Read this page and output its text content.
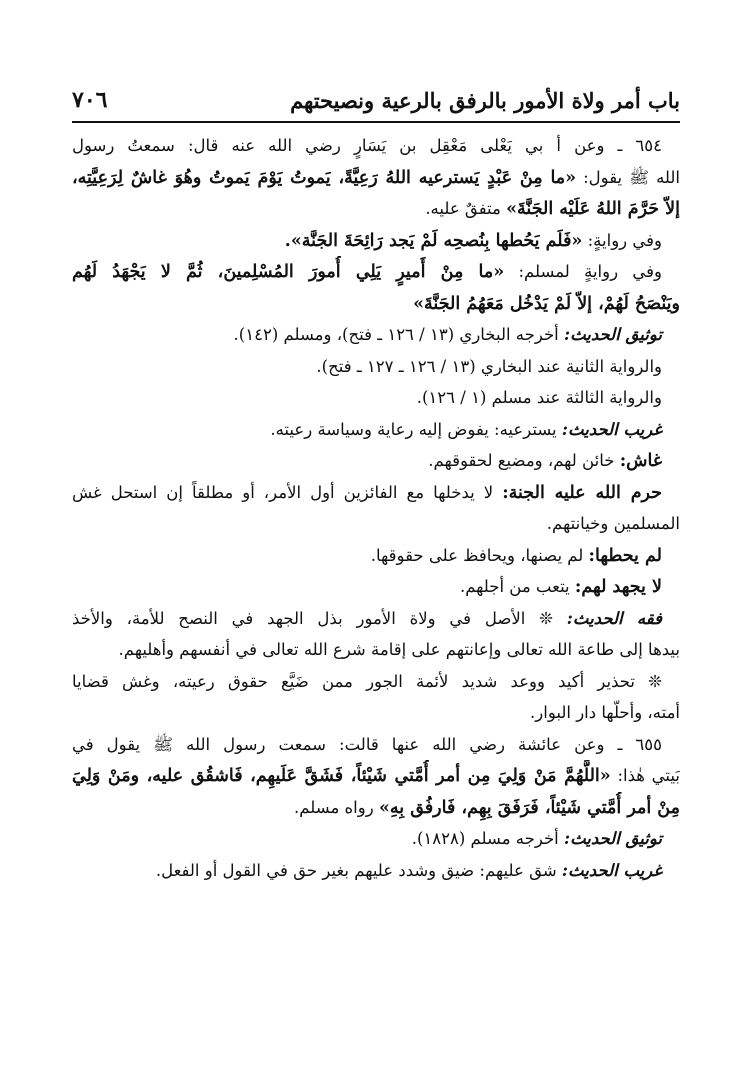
باب أمر ولاة الأمور بالرفق بالرعية ونصيحتهم
٧٠٦
٦٥٤ ـ وعن أ بي يَعْلى مَعْقِل بن يَسَارٍ رضي الله عنه قال: سمعتُ رسول
الله ﷺ يقول: «ما مِنْ عَبْدٍ يَسترعيه اللهُ رَعِيَّةً، يَموتُ يَوْمَ يَموتُ وهُوَ غاشٌ لِرَعِيَّتِه،
إلاّ حَرَّمَ اللهُ عَلَيْه الجَنَّةَ» متفقٌ عليه.
وفي روايةٍ: «فَلَم يَحُطها بِنُصحِه لَمْ يَجد رَائِحَةَ الجَنَّة».
وفي روايةٍ لمسلم: «ما مِنْ أَميرٍ يَلِي أُمورَ المُسْلِمينَ، ثُمَّ لا يَجْهَدُ لَهُم
ويَنْصَحُ لَهُمْ، إلاّ لَمْ يَدْخُل مَعَهُمُ الجَنَّةَ»
توثيق الحديث: أخرجه البخاري (١٣ / ١٢٦ ـ فتح)، ومسلم (١٤٢).
والرواية الثانية عند البخاري (١٣ / ١٢٦ ـ ١٢٧ ـ فتح).
والرواية الثالثة عند مسلم (١ / ١٢٦).
غريب الحديث: يسترعيه: يفوض إليه رعاية وسياسة رعيته.
غاش: خائن لهم، ومضيع لحقوقهم.
حرم الله عليه الجنة: لا يدخلها مع الفائزين أول الأمر، أو مطلقاً إن استحل غش
المسلمين وخيانتهم.
لم يحطها: لم يصنها، ويحافظ على حقوقها.
لا يجهد لهم: يتعب من أجلهم.
فقه الحديث: ❊ الأصل في ولاة الأمور بذل الجهد في النصح للأمة، والأخذ
بيدها إلى طاعة الله تعالى وإعانتهم على إقامة شرع الله تعالى في أنفسهم وأهليهم.
❊ تحذير أكيد ووعد شديد لأئمة الجور ممن ضَيَّع حقوق رعيته، وغش قضايا
أمته، وأحلّها دار البوار.
٦٥٥ ـ وعن عائشة رضي الله عنها قالت: سمعت رسول الله ﷺ يقول في
بَيتي هٰذا: «اللَّهُمَّ مَنْ وَلِيَ مِن أمر أُمَّتي شَيْئاً، فَشَقَّ عَلَيهِم، فَاشقُق عليه، ومَنْ وَلِيَ
مِنْ أمر أُمَّتي شَيْئاً، فَرَفَقَ بِهِم، فَارفُق بِهِ» رواه مسلم.
توثيق الحديث: أخرجه مسلم (١٨٢٨).
غريب الحديث: شق عليهم: ضيق وشدد عليهم بغير حق في القول أو الفعل.
